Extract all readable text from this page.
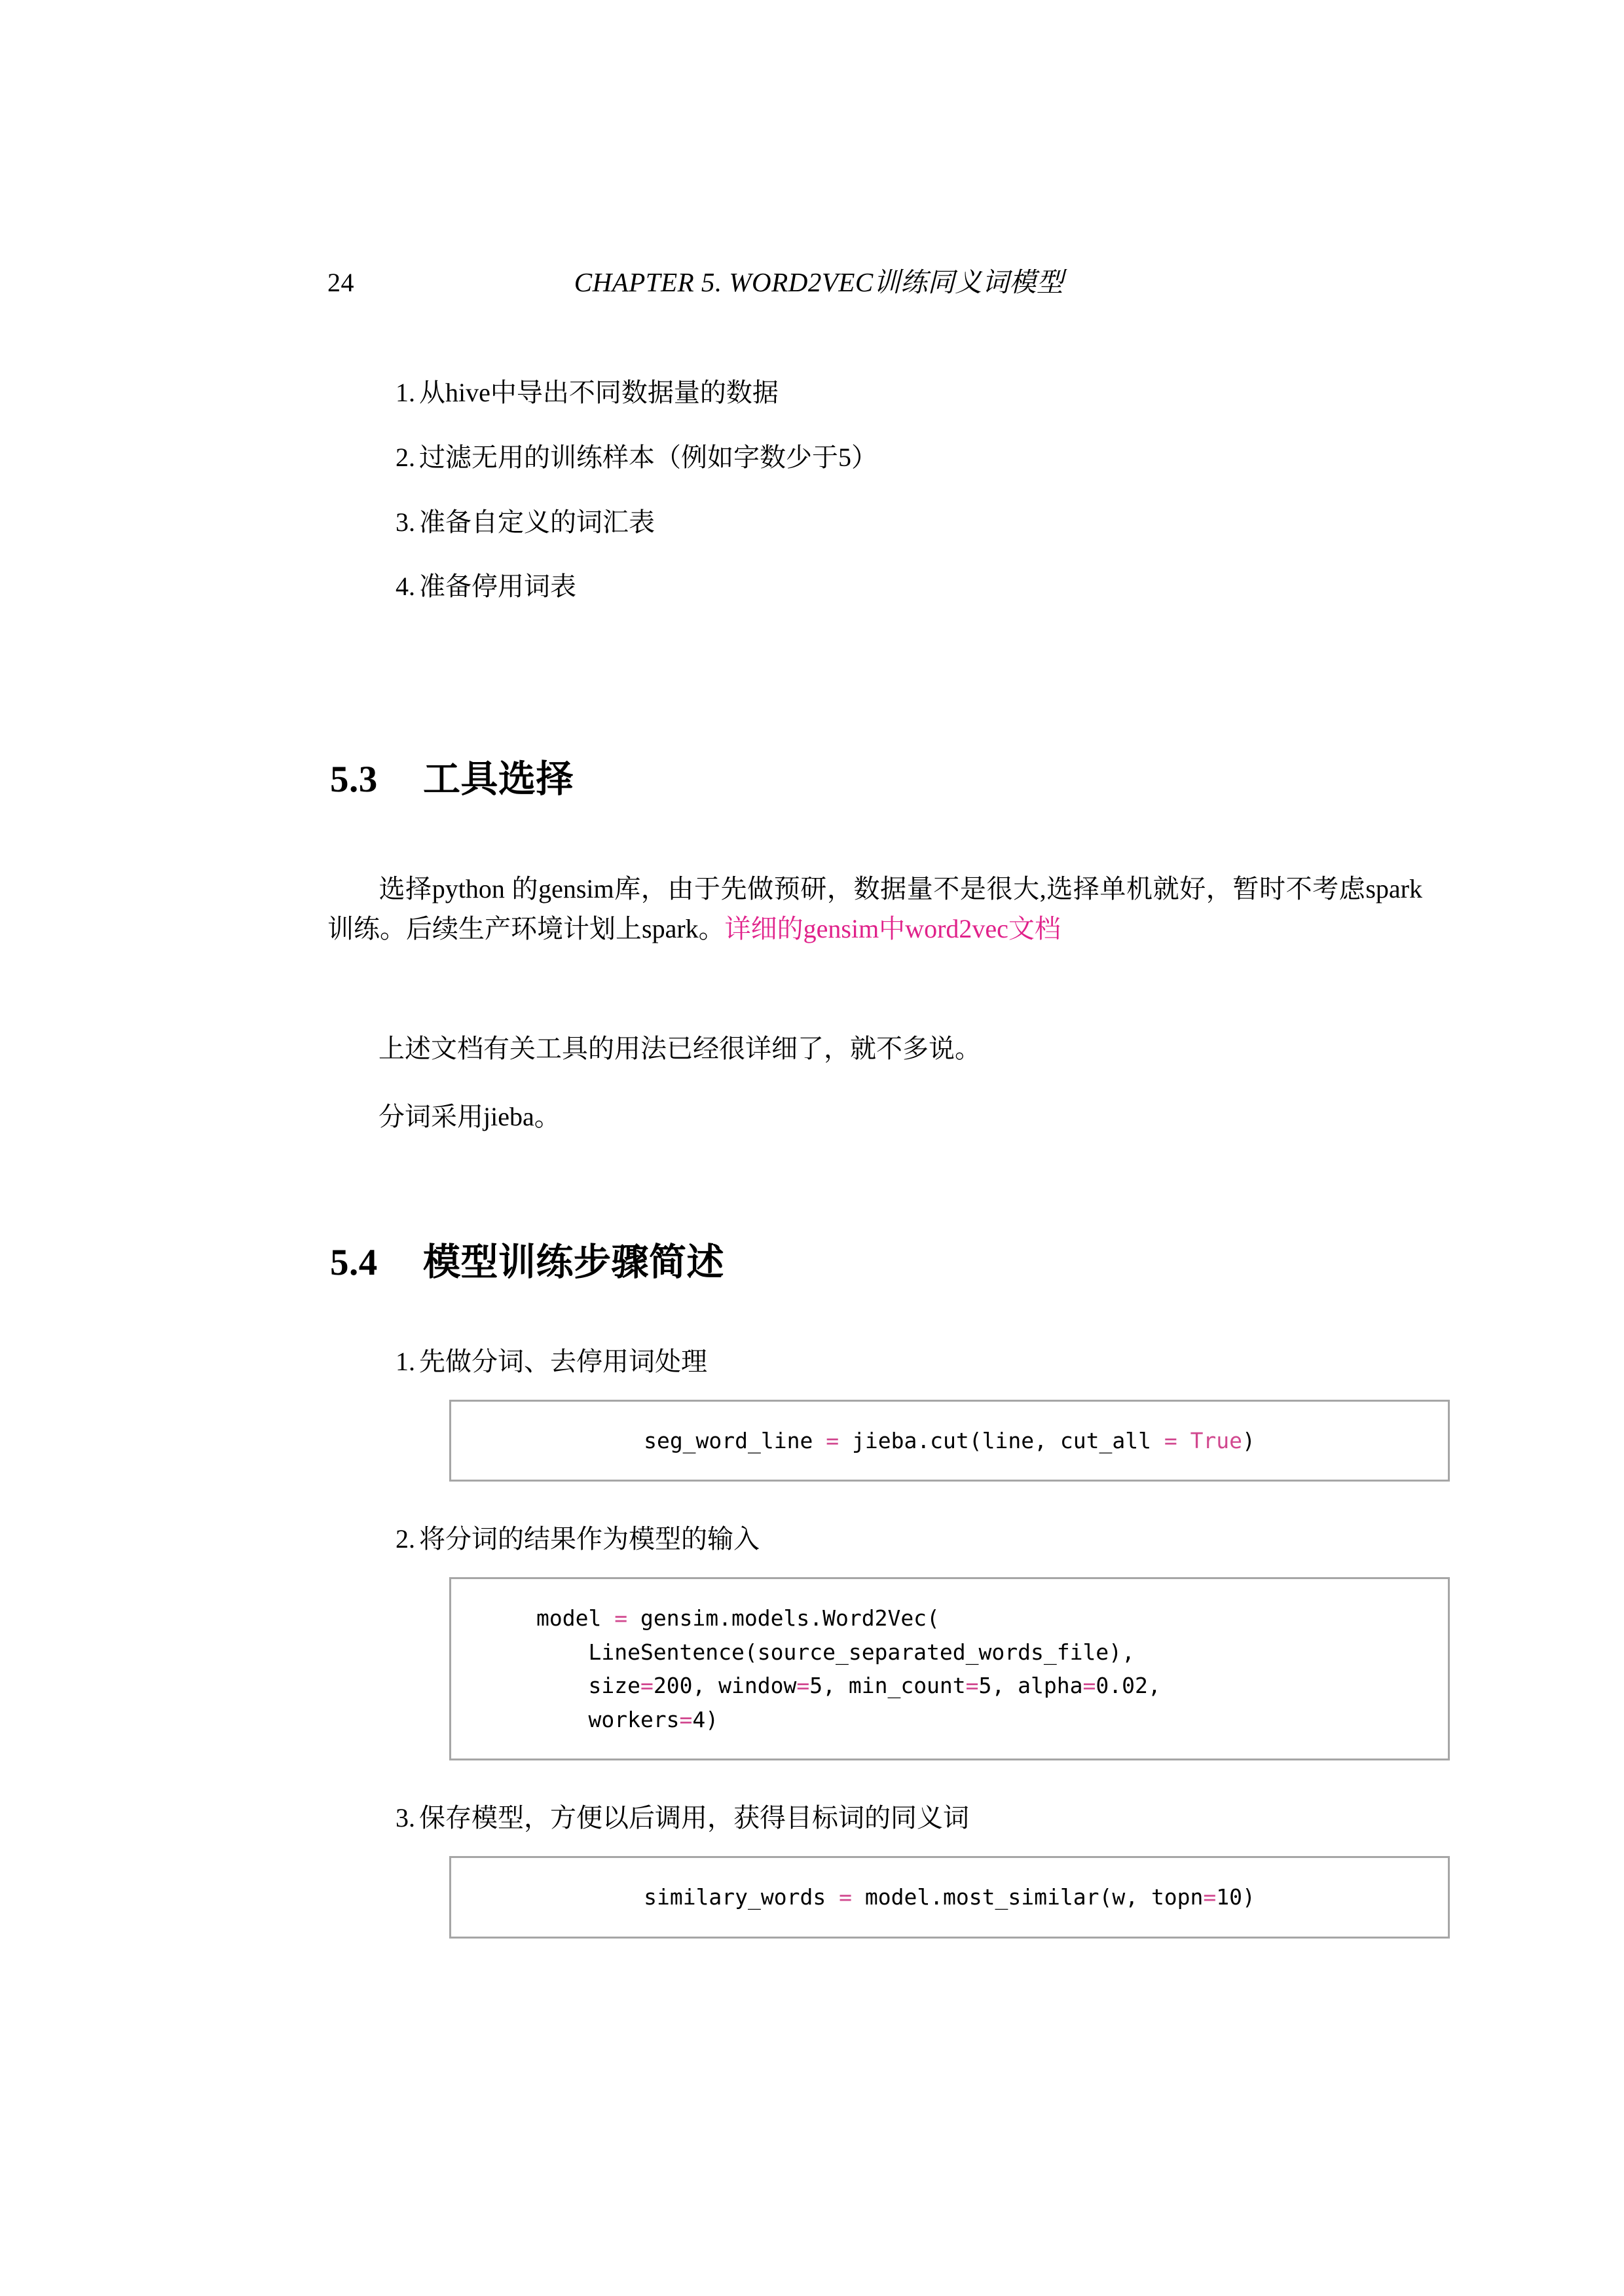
24	CHAPTER 5. WORD2VEC训练同义词模型
1. 从hive中导出不同数据量的数据
2. 过滤无用的训练样本（例如字数少于5）
3. 准备自定义的词汇表
4. 准备停用词表
5.3	工具选择
选择python 的gensim库，由于先做预研，数据量不是很大,选择单机就好，暂时不考虑spark训练。后续生产环境计划上spark。详细的gensim中word2vec文档
上述文档有关工具的用法已经很详细了，就不多说。
分词采用jieba。
5.4	模型训练步骤简述
1. 先做分词、去停用词处理
seg_word_line = jieba.cut(line, cut_all = True)
2. 将分词的结果作为模型的输入
model = gensim.models.Word2Vec(
LineSentence(source_separated_words_file),
size=200, window=5, min_count=5, alpha=0.02,
workers=4)
3. 保存模型，方便以后调用，获得目标词的同义词
similary_words = model.most_similar(w, topn=10)
